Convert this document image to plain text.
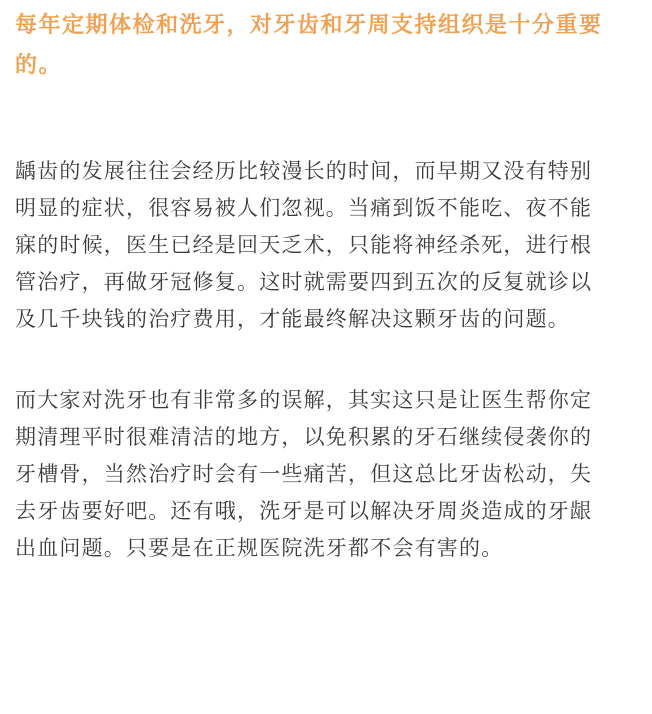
每年定期体检和洗牙，对牙齿和牙周支持组织是十分重要
的。

龋齿的发展往往会经历比较漫长的时间，而早期又没有特别
明显的症状，很容易被人们忽视。当痛到饭不能吃、夜不能
寐的时候，医生已经是回天乏术，只能将神经杀死，进行根
管治疗，再做牙冠修复。这时就需要四到五次的反复就诊以
及几千块钱的治疗费用，才能最终解决这颗牙齿的问题。

而大家对洗牙也有非常多的误解，其实这只是让医生帮你定
期清理平时很难清洁的地方，以免积累的牙石继续侵袭你的
牙槽骨，当然治疗时会有一些痛苦，但这总比牙齿松动，失
去牙齿要好吧。还有哦，洗牙是可以解决牙周炎造成的牙龈
出血问题。只要是在正规医院洗牙都不会有害的。
